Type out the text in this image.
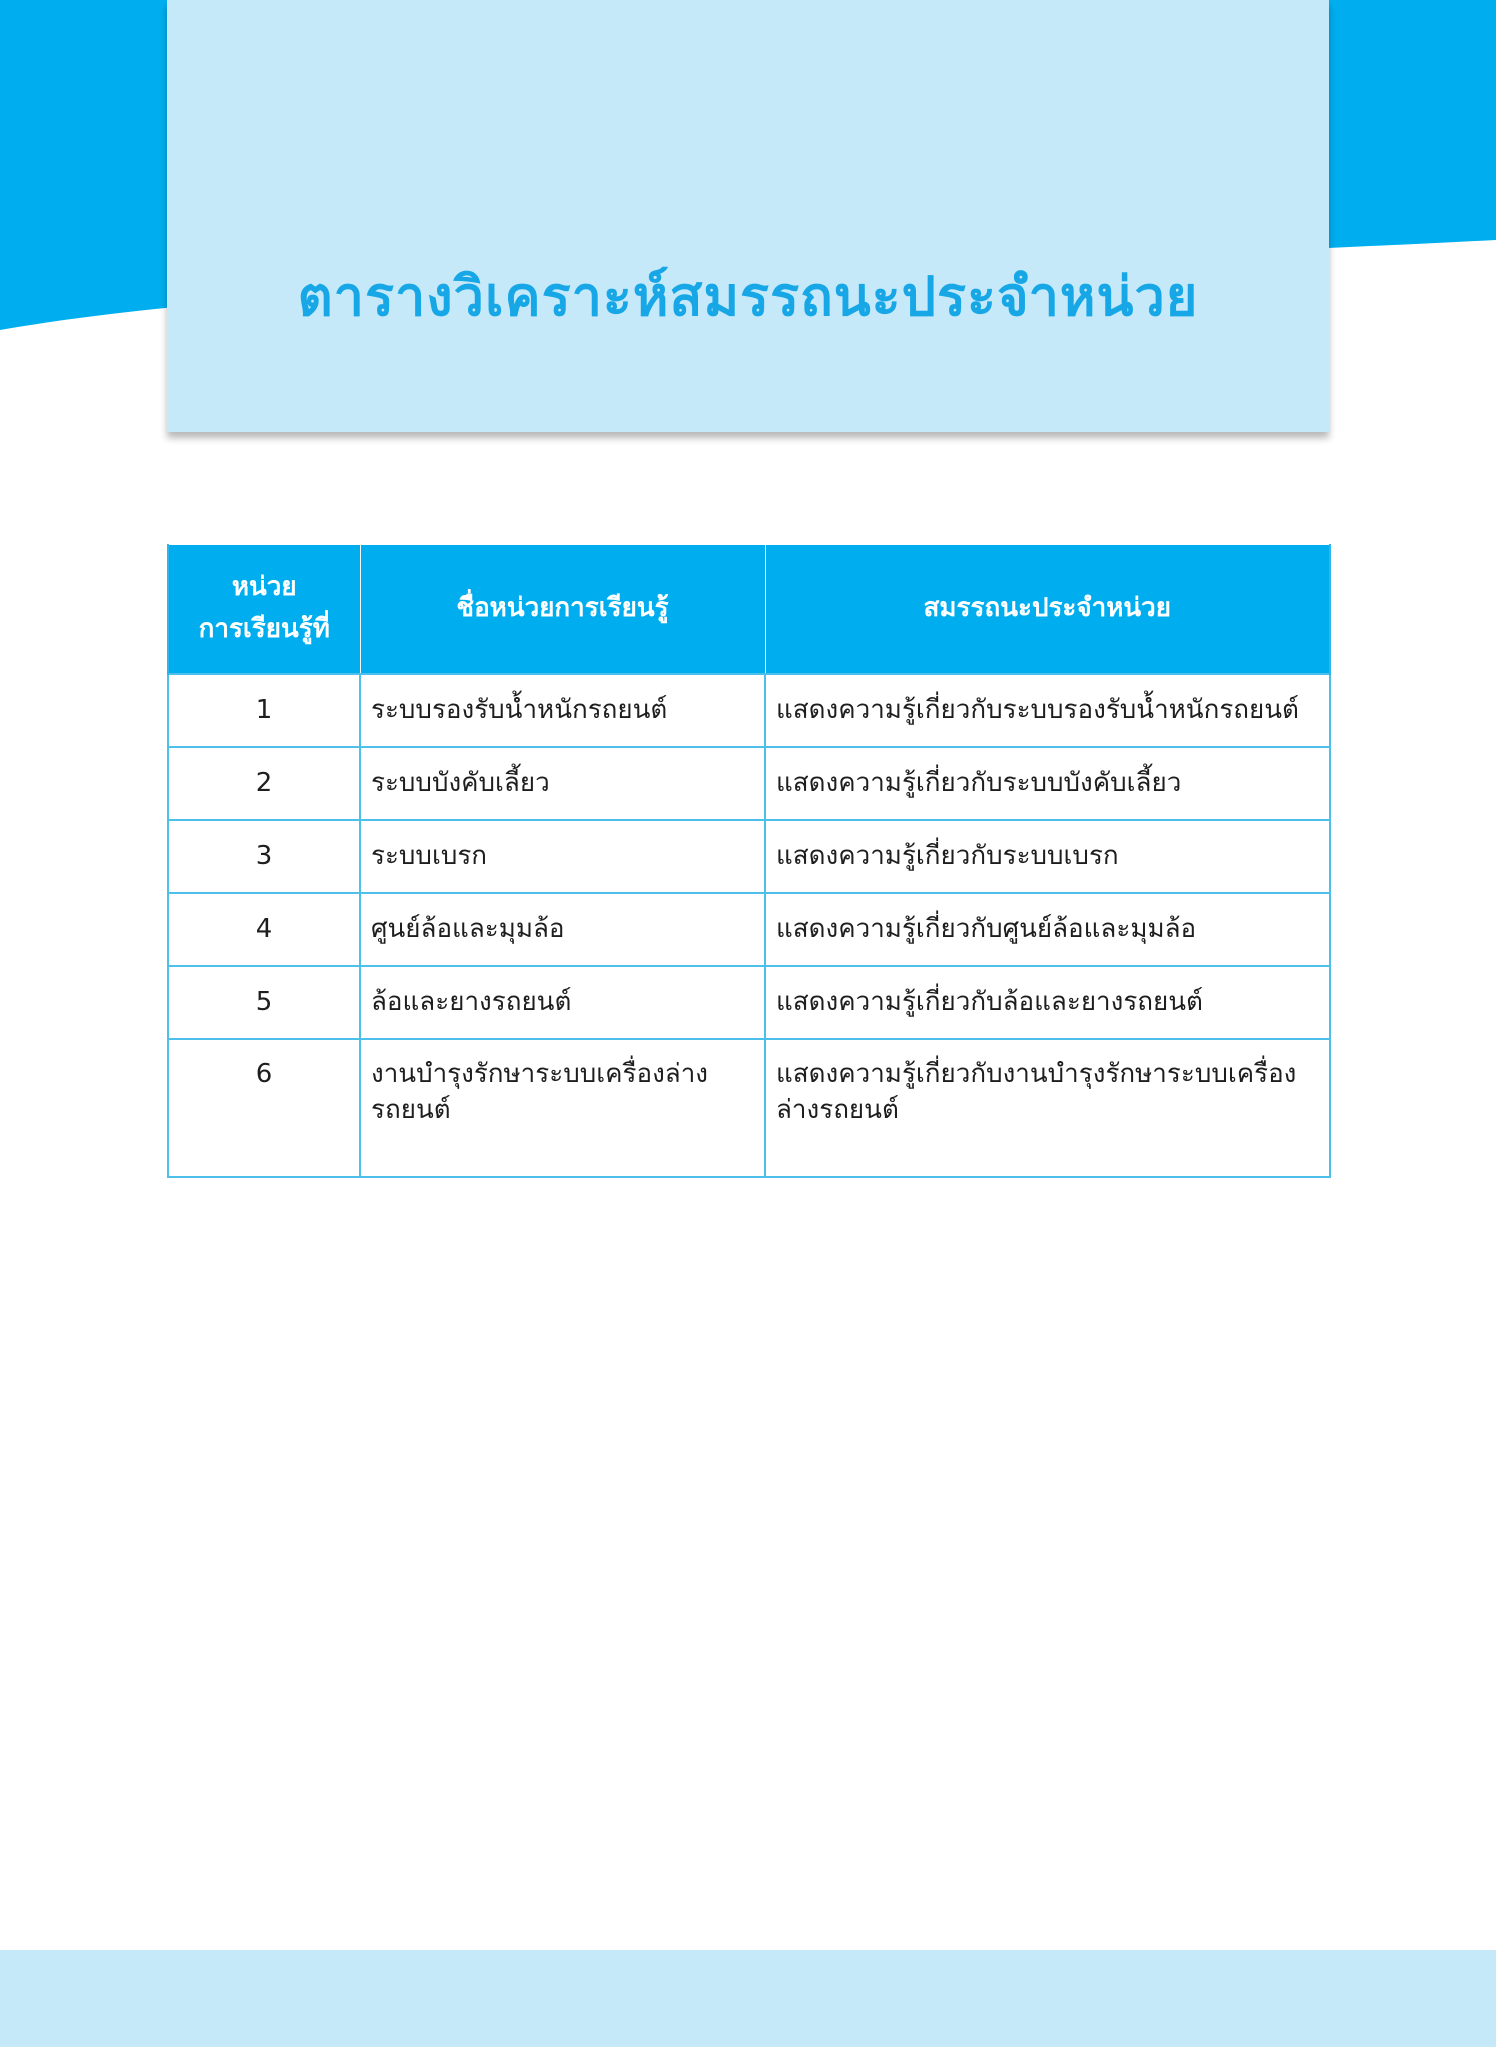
ตารางวิเคราะห์สมรรถนะประจำหน่วย
หน่วย
การเรียนรู้ที่	ชื่อหน่วยการเรียนรู้	สมรรถนะประจำหน่วย
1	ระบบรองรับน้ำหนักรถยนต์	แสดงความรู้เกี่ยวกับระบบรองรับน้ำหนักรถยนต์
2	ระบบบังคับเลี้ยว	แสดงความรู้เกี่ยวกับระบบบังคับเลี้ยว
3	ระบบเบรก	แสดงความรู้เกี่ยวกับระบบเบรก
4	ศูนย์ล้อและมุมล้อ	แสดงความรู้เกี่ยวกับศูนย์ล้อและมุมล้อ
5	ล้อและยางรถยนต์	แสดงความรู้เกี่ยวกับล้อและยางรถยนต์
6	งานบำรุงรักษาระบบเครื่องล่างรถยนต์	แสดงความรู้เกี่ยวกับงานบำรุงรักษาระบบเครื่องล่างรถยนต์
